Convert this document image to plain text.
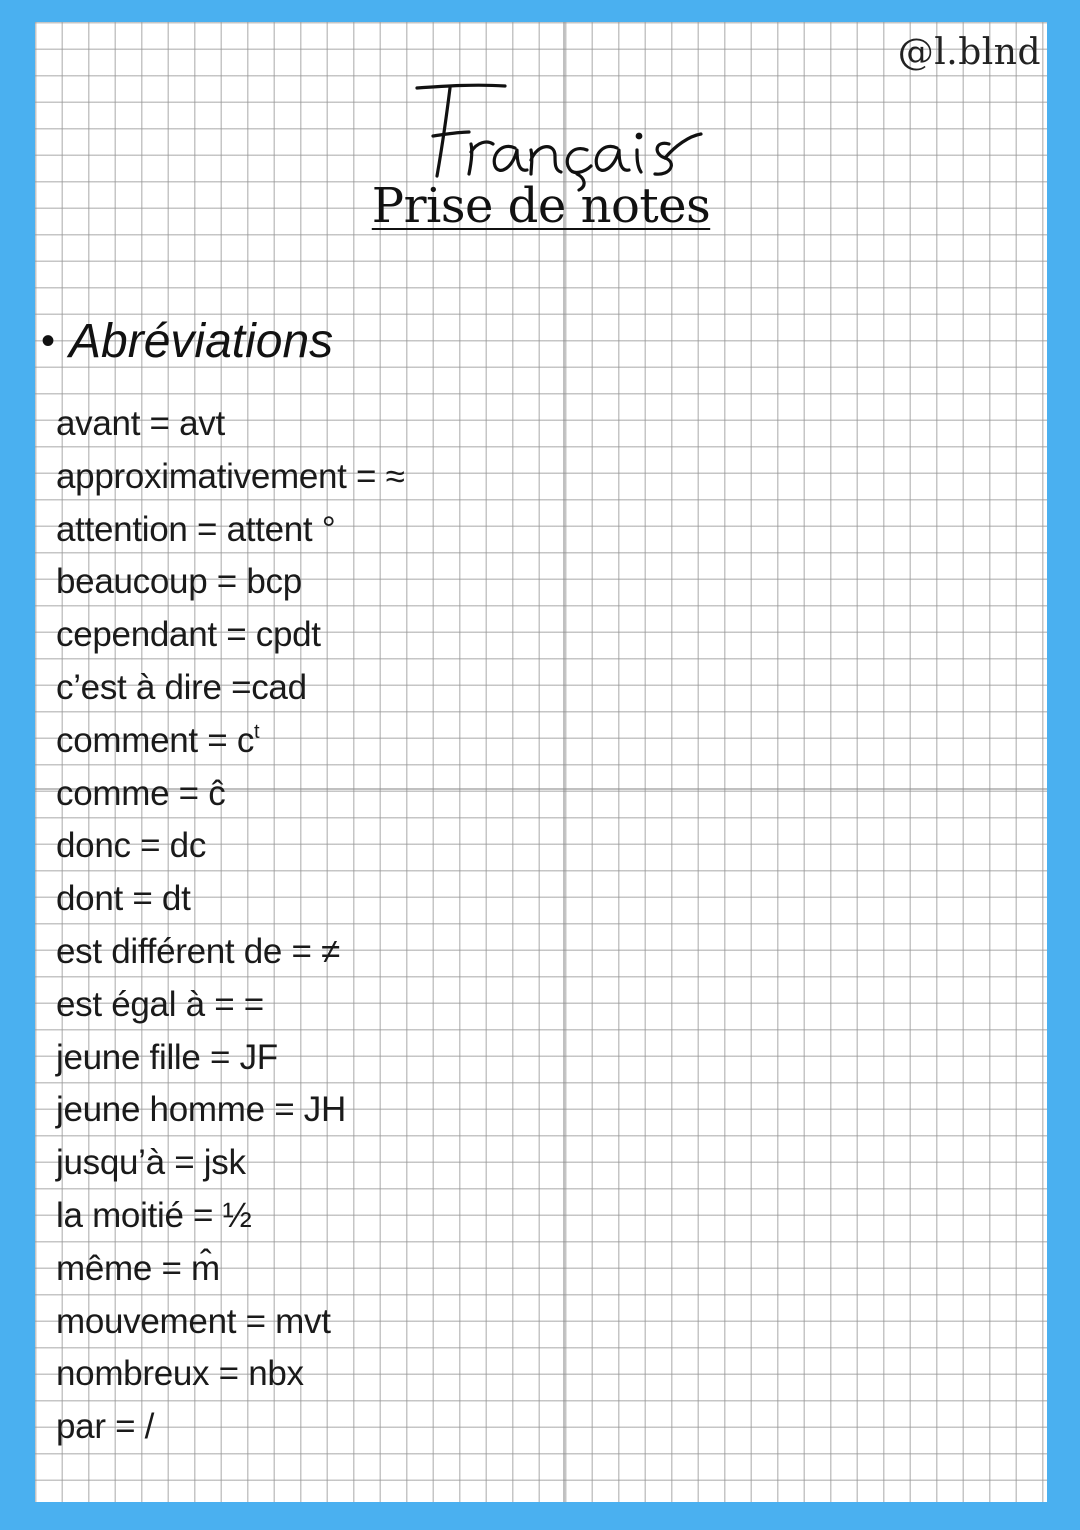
@l.blnd
Prise de notes
• Abréviations
avant = avt
approximativement = ≈
attention = attent °
beaucoup = bcp
cependant = cpdt
c’est à dire =cad
comment = $c^t$
comme = ĉ
donc = dc
dont = dt
est différent de = ≠
est égal à = =
jeune fille = JF
jeune homme = JH
jusqu’à = jsk
la moitié = ½
même = m̂
mouvement = mvt
nombreux = nbx
par = /
